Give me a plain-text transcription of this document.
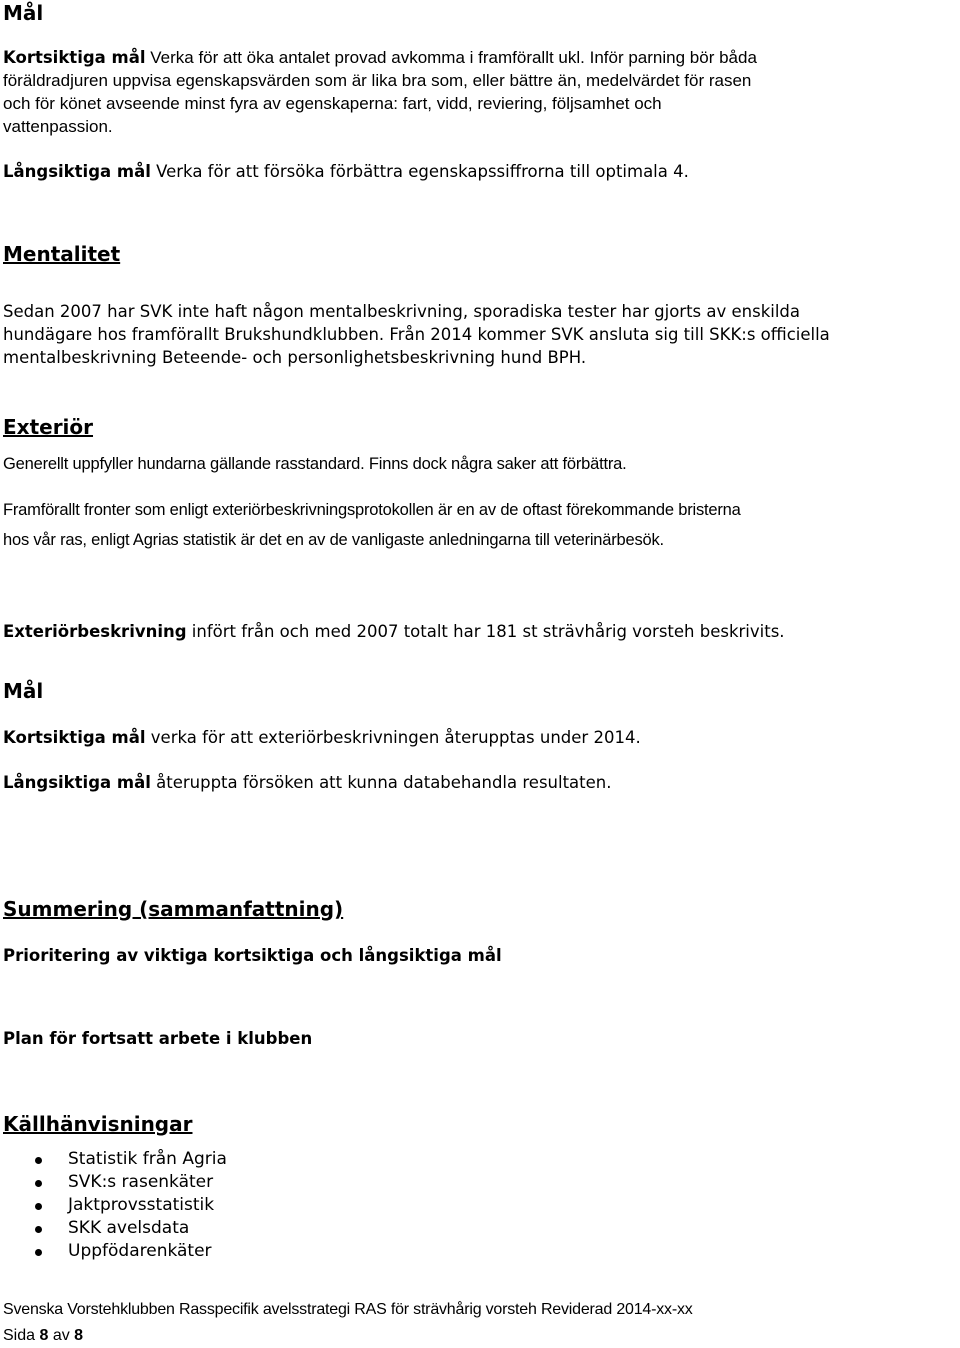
Mål
Kortsiktiga mål Verka för att öka antalet provad avkomma i framförallt ukl. Inför parning bör båda
föräldradjuren uppvisa egenskapsvärden som är lika bra som, eller bättre än, medelvärdet för rasen
och för könet avseende minst fyra av egenskaperna: fart, vidd, reviering, följsamhet och
vattenpassion.
Långsiktiga mål Verka för att försöka förbättra egenskapssiffrorna till optimala 4.
Mentalitet
Sedan 2007 har SVK inte haft någon mentalbeskrivning, sporadiska tester har gjorts av enskilda
hundägare hos framförallt Brukshundklubben. Från 2014 kommer SVK ansluta sig till SKK:s officiella
mentalbeskrivning Beteende- och personlighetsbeskrivning hund BPH.
Exteriör
Generellt uppfyller hundarna gällande rasstandard. Finns dock några saker att förbättra.
Framförallt fronter som enligt exteriörbeskrivningsprotokollen är en av de oftast förekommande bristerna
hos vår ras, enligt Agrias statistik är det en av de vanligaste anledningarna till veterinärbesök.
Exteriörbeskrivning infört från och med 2007 totalt har 181 st strävhårig vorsteh beskrivits.
Mål
Kortsiktiga mål verka för att exteriörbeskrivningen återupptas under 2014.
Långsiktiga mål återuppta försöken att kunna databehandla resultaten.
Summering (sammanfattning)
Prioritering av viktiga kortsiktiga och långsiktiga mål
Plan för fortsatt arbete i klubben
Källhänvisningar
Statistik från Agria
SVK:s rasenkäter
Jaktprovsstatistik
SKK avelsdata
Uppfödarenkäter
Svenska Vorstehklubben Rasspecifik avelsstrategi RAS för strävhårig vorsteh Reviderad 2014-xx-xx
Sida 8 av 8
